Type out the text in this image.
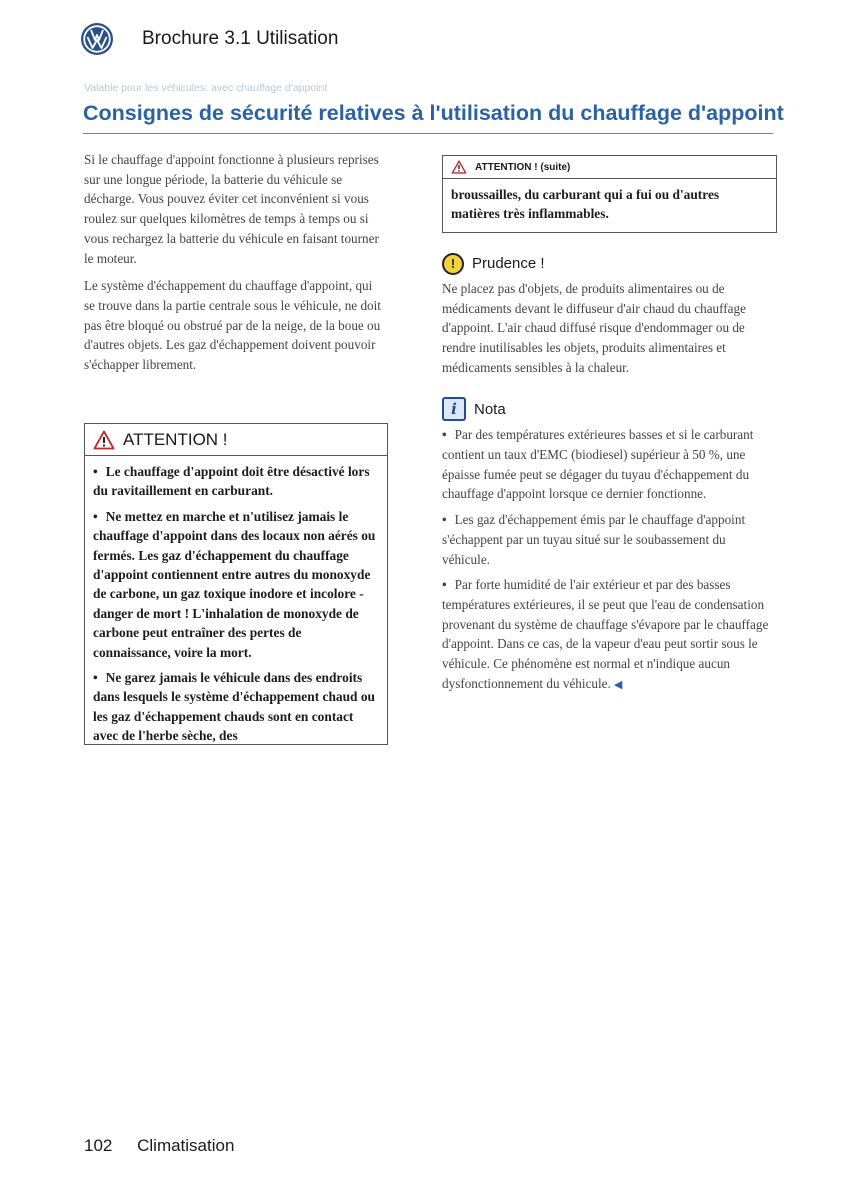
Brochure 3.1 Utilisation
Valable pour les véhicules: avec chauffage d'appoint
Consignes de sécurité relatives à l'utilisation du chauffage d'appoint

Si le chauffage d'appoint fonctionne à plusieurs reprises sur une longue période, la batterie du véhicule se décharge. Vous pouvez éviter cet inconvénient si vous roulez sur quelques kilomètres de temps à temps ou si vous rechargez la batterie du véhicule en faisant tourner le moteur.

Le système d'échappement du chauffage d'appoint, qui se trouve dans la partie centrale sous le véhicule, ne doit pas être bloqué ou obstrué par de la neige, de la boue ou d'autres objets. Les gaz d'échappement doivent pouvoir s'échapper librement.

ATTENTION !

• Le chauffage d'appoint doit être désactivé lors du ravitaillement en carburant.

• Ne mettez en marche et n'utilisez jamais le chauffage d'appoint dans des locaux non aérés ou fermés. Les gaz d'échappement du chauffage d'appoint contiennent entre autres du monoxyde de carbone, un gaz toxique inodore et incolore - danger de mort ! L'inhalation de monoxyde de carbone peut entraîner des pertes de connaissance, voire la mort.

• Ne garez jamais le véhicule dans des endroits dans lesquels le système d'échappement chaud ou les gaz d'échappement chauds sont en contact avec de l'herbe sèche, des

ATTENTION ! (suite)

broussailles, du carburant qui a fui ou d'autres matières très inflammables.

!	Prudence !

Ne placez pas d'objets, de produits alimentaires ou de médicaments devant le diffuseur d'air chaud du chauffage d'appoint. L'air chaud diffusé risque d'endommager ou de rendre inutilisables les objets, produits alimentaires et médicaments sensibles à la chaleur.

i	Nota

• Par des températures extérieures basses et si le carburant contient un taux d'EMC (biodiesel) supérieur à 50 %, une épaisse fumée peut se dégager du tuyau d'échappement du chauffage d'appoint lorsque ce dernier fonctionne.

• Les gaz d'échappement émis par le chauffage d'appoint s'échappent par un tuyau situé sur le soubassement du véhicule.

• Par forte humidité de l'air extérieur et par des basses températures extérieures, il se peut que l'eau de condensation provenant du système de chauffage s'évapore par le chauffage d'appoint. Dans ce cas, de la vapeur d'eau peut sortir sous le véhicule. Ce phénomène est normal et n'indique aucun dysfonctionnement du véhicule. ◀

102 Climatisation
